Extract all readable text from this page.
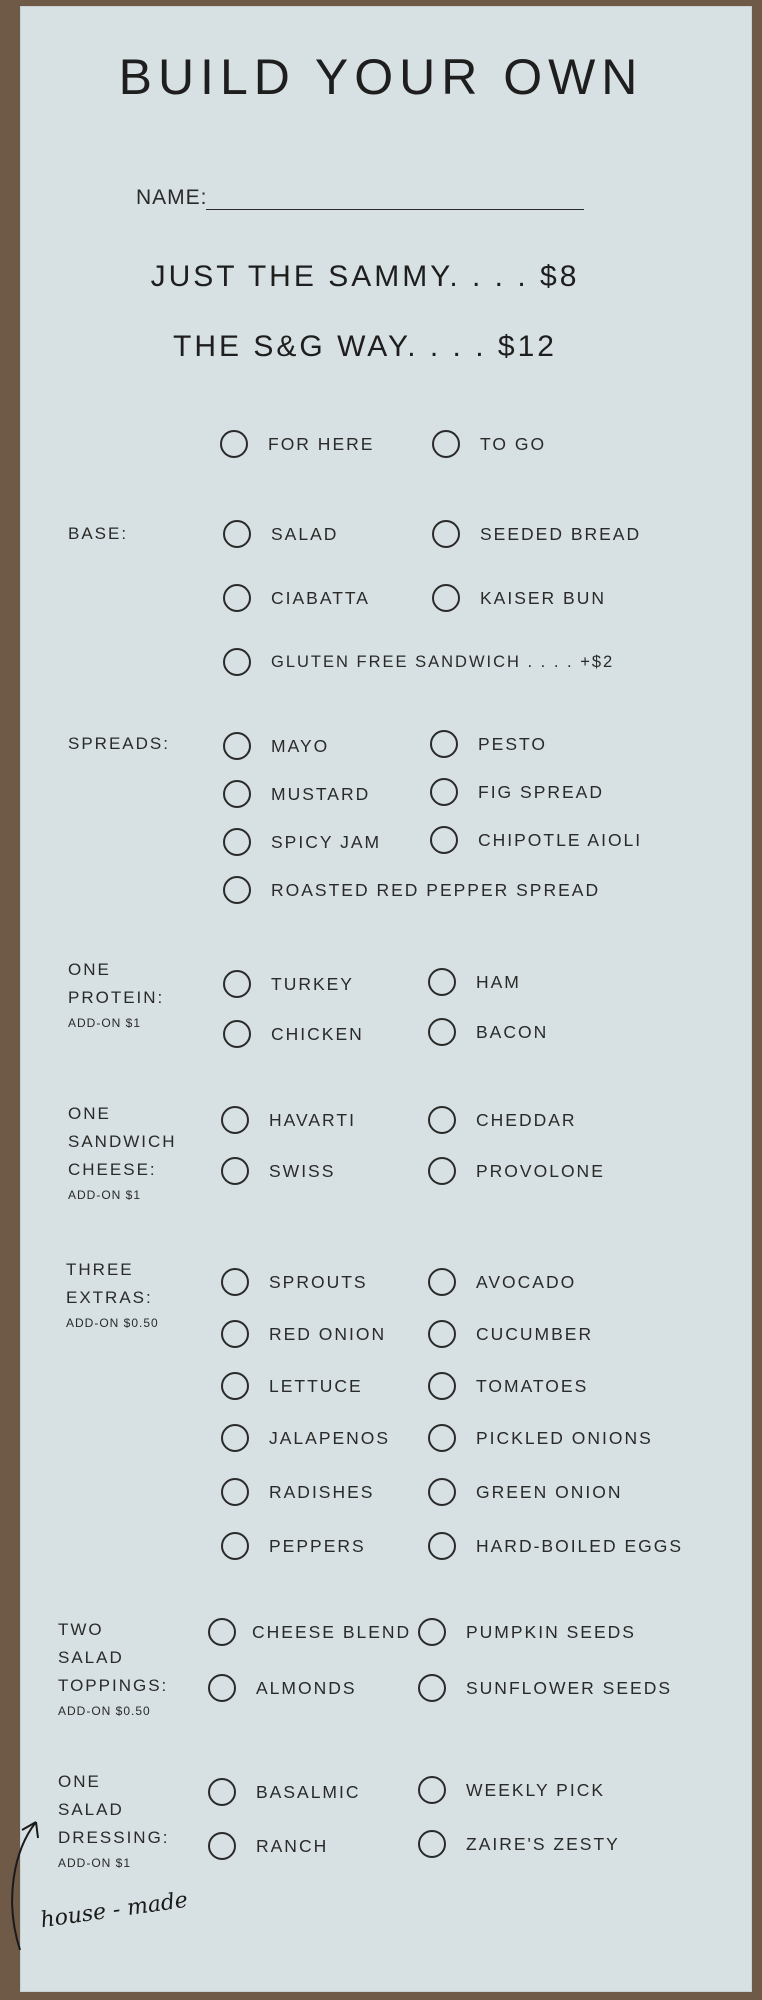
BUILD YOUR OWN
NAME:
JUST THE SAMMY. . . . $8
THE S&G WAY. . . . $12
FOR HERE	TO GO
BASE:	SALAD	SEEDED BREAD
CIABATTA	KAISER BUN
GLUTEN FREE SANDWICH . . . . +$2
SPREADS:	MAYO	PESTO
MUSTARD	FIG SPREAD
SPICY JAM	CHIPOTLE AIOLI
ROASTED RED PEPPER SPREAD
ONE
PROTEIN:
ADD-ON $1
TURKEY	HAM
CHICKEN	BACON
ONE
SANDWICH
CHEESE:
ADD-ON $1
HAVARTI	CHEDDAR
SWISS	PROVOLONE
THREE
EXTRAS:
ADD-ON $0.50
SPROUTS	AVOCADO
RED ONION	CUCUMBER
LETTUCE	TOMATOES
JALAPENOS	PICKLED ONIONS
RADISHES	GREEN ONION
PEPPERS	HARD-BOILED EGGS
TWO
SALAD
TOPPINGS:
ADD-ON $0.50
CHEESE BLEND	PUMPKIN SEEDS
ALMONDS	SUNFLOWER SEEDS
ONE
SALAD
DRESSING:
ADD-ON $1
BASALMIC	WEEKLY PICK
RANCH	ZAIRE'S ZESTY
house - made
